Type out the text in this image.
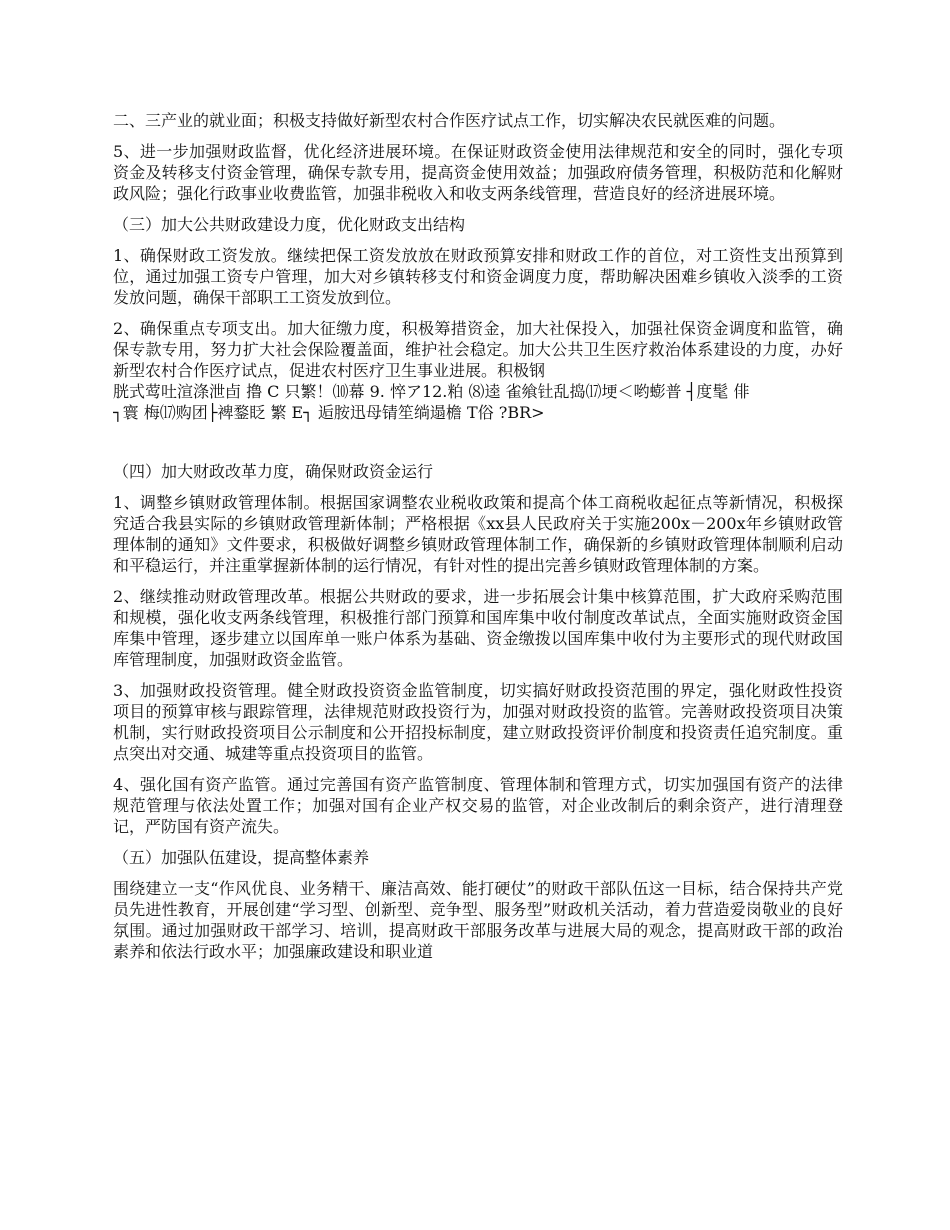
二、三产业的就业面；积极支持做好新型农村合作医疗试点工作，切实解决农民就医难的问题。

5、进一步加强财政监督，优化经济进展环境。在保证财政资金使用法律规范和安全的同时，强化专项资金及转移支付资金管理，确保专款专用，提高资金使用效益；加强政府债务管理，积极防范和化解财政风险；强化行政事业收费监管，加强非税收入和收支两条线管理，营造良好的经济进展环境。

（三）加大公共财政建设力度，优化财政支出结构

1、确保财政工资发放。继续把保工资发放放在财政预算安排和财政工作的首位，对工资性支出预算到位，通过加强工资专户管理，加大对乡镇转移支付和资金调度力度，帮助解决困难乡镇收入淡季的工资发放问题，确保干部职工工资发放到位。

2、确保重点专项支出。加大征缴力度，积极筹措资金，加大社保投入，加强社保资金调度和监管，确保专款专用，努力扩大社会保险覆盖面，维护社会稳定。加大公共卫生医疗救治体系建设的力度，办好新型农村合作医疗试点，促进农村医疗卫生事业进展。积极钢

胱式莺吐渲涤泄卣 撸 C 只繁！⑽幕 9. 悴ア12.粕 ⑻逵 雀飨钍乱捣⒄埂＜哟蟛普 ┤度髦 俳

┐寰 梅⒄购团├裨鍪眨 繁 E┐ 逅胺迅母锖笙绱遢檐 Т俗 ?BR>

（四）加大财政改革力度，确保财政资金运行

1、调整乡镇财政管理体制。根据国家调整农业税收政策和提高个体工商税收起征点等新情况，积极探究适合我县实际的乡镇财政管理新体制；严格根据《xx县人民政府关于实施200x－200x年乡镇财政管理体制的通知》文件要求，积极做好调整乡镇财政管理体制工作，确保新的乡镇财政管理体制顺利启动和平稳运行，并注重掌握新体制的运行情况，有针对性的提出完善乡镇财政管理体制的方案。

2、继续推动财政管理改革。根据公共财政的要求，进一步拓展会计集中核算范围，扩大政府采购范围和规模，强化收支两条线管理，积极推行部门预算和国库集中收付制度改革试点，全面实施财政资金国库集中管理，逐步建立以国库单一账户体系为基础、资金缴拨以国库集中收付为主要形式的现代财政国库管理制度，加强财政资金监管。

3、加强财政投资管理。健全财政投资资金监管制度，切实搞好财政投资范围的界定，强化财政性投资项目的预算审核与跟踪管理，法律规范财政投资行为，加强对财政投资的监管。完善财政投资项目决策机制，实行财政投资项目公示制度和公开招投标制度，建立财政投资评价制度和投资责任追究制度。重点突出对交通、城建等重点投资项目的监管。

4、强化国有资产监管。通过完善国有资产监管制度、管理体制和管理方式，切实加强国有资产的法律规范管理与依法处置工作；加强对国有企业产权交易的监管，对企业改制后的剩余资产，进行清理登记，严防国有资产流失。

（五）加强队伍建设，提高整体素养

围绕建立一支“作风优良、业务精干、廉洁高效、能打硬仗”的财政干部队伍这一目标，结合保持共产党员先进性教育，开展创建“学习型、创新型、竞争型、服务型”财政机关活动，着力营造爱岗敬业的良好氛围。通过加强财政干部学习、培训，提高财政干部服务改革与进展大局的观念，提高财政干部的政治素养和依法行政水平；加强廉政建设和职业道
